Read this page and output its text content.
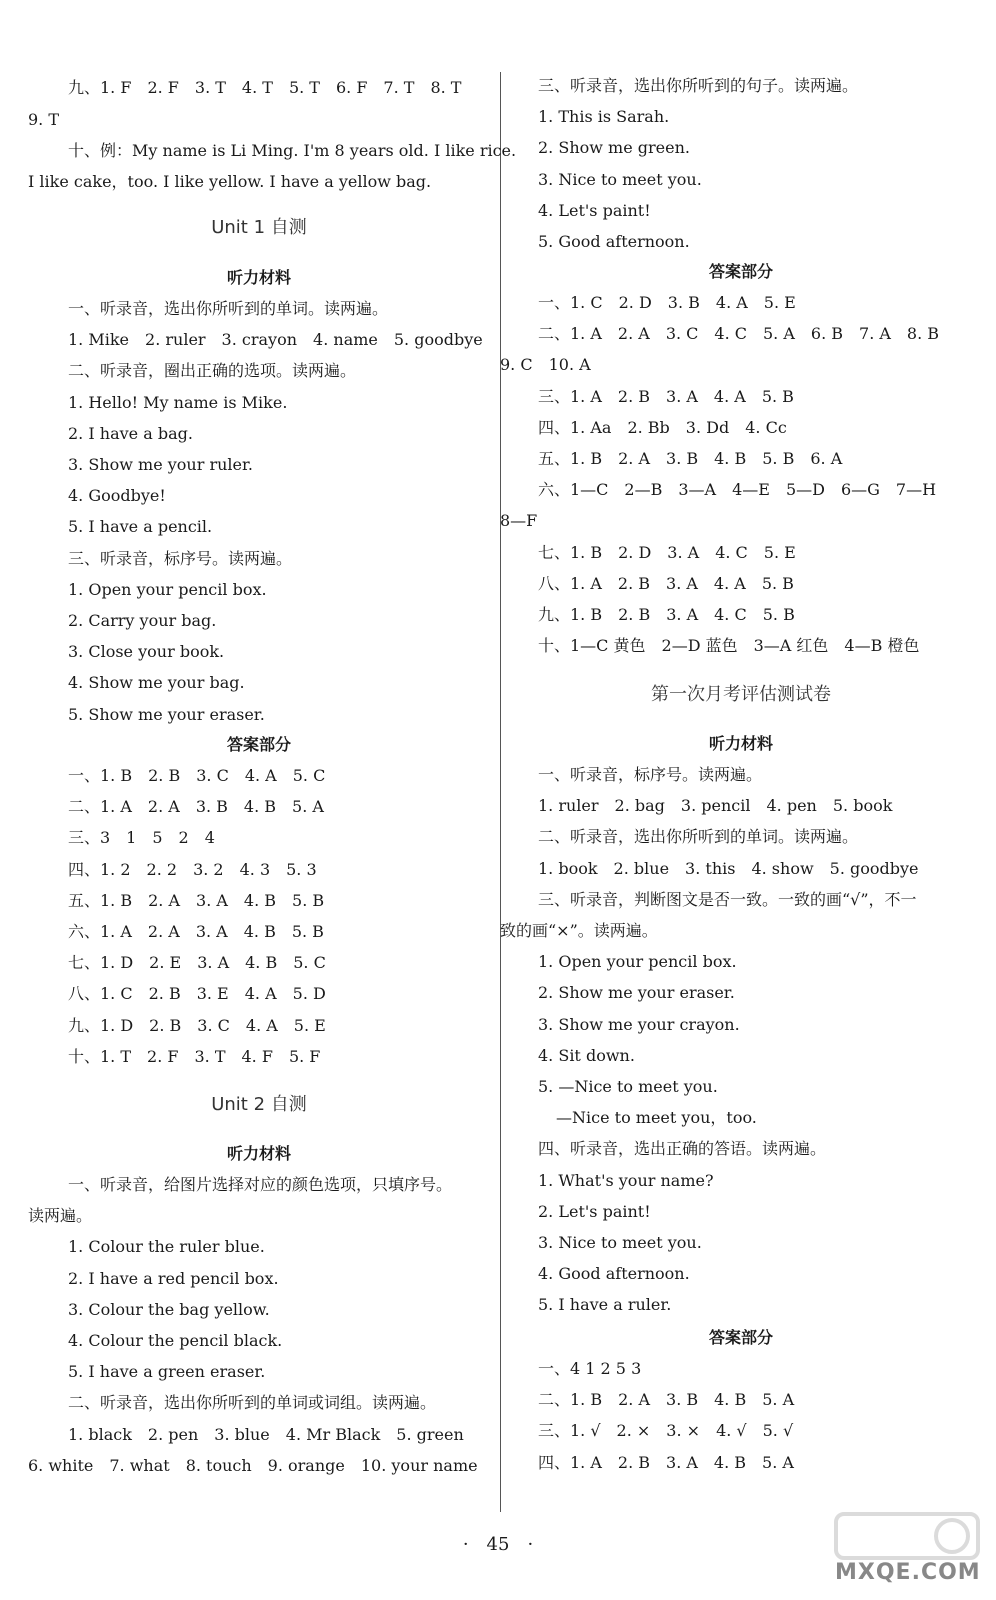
九、1. F　2. F　3. T　4. T　5. T　6. F　7. T　8. T
9. T
十、例：My name is Li Ming. I'm 8 years old. I like rice.
I like cake，too. I like yellow. I have a yellow bag.
Unit 1 自测
听力材料
一、听录音，选出你所听到的单词。读两遍。
1. Mike　2. ruler　3. crayon　4. name　5. goodbye
二、听录音，圈出正确的选项。读两遍。
1. Hello! My name is Mike.
2. I have a bag.
3. Show me your ruler.
4. Goodbye!
5. I have a pencil.
三、听录音，标序号。读两遍。
1. Open your pencil box.
2. Carry your bag.
3. Close your book.
4. Show me your bag.
5. Show me your eraser.
答案部分
一、1. B　2. B　3. C　4. A　5. C
二、1. A　2. A　3. B　4. B　5. A
三、3　1　5　2　4
四、1. 2　2. 2　3. 2　4. 3　5. 3
五、1. B　2. A　3. A　4. B　5. B
六、1. A　2. A　3. A　4. B　5. B
七、1. D　2. E　3. A　4. B　5. C
八、1. C　2. B　3. E　4. A　5. D
九、1. D　2. B　3. C　4. A　5. E
十、1. T　2. F　3. T　4. F　5. F
Unit 2 自测
听力材料
一、听录音，给图片选择对应的颜色选项，只填序号。
读两遍。
1. Colour the ruler blue.
2. I have a red pencil box.
3. Colour the bag yellow.
4. Colour the pencil black.
5. I have a green eraser.
二、听录音，选出你所听到的单词或词组。读两遍。
1. black　2. pen　3. blue　4. Mr Black　5. green
6. white　7. what　8. touch　9. orange　10. your name
三、听录音，选出你所听到的句子。读两遍。
1. This is Sarah.
2. Show me green.
3. Nice to meet you.
4. Let's paint!
5. Good afternoon.
答案部分
一、1. C　2. D　3. B　4. A　5. E
二、1. A　2. A　3. C　4. C　5. A　6. B　7. A　8. B
9. C　10. A
三、1. A　2. B　3. A　4. A　5. B
四、1. Aa　2. Bb　3. Dd　4. Cc
五、1. B　2. A　3. B　4. B　5. B　6. A
六、1—C　2—B　3—A　4—E　5—D　6—G　7—H
8—F
七、1. B　2. D　3. A　4. C　5. E
八、1. A　2. B　3. A　4. A　5. B
九、1. B　2. B　3. A　4. C　5. B
十、1—C 黄色　2—D 蓝色　3—A 红色　4—B 橙色
第一次月考评估测试卷
听力材料
一、听录音，标序号。读两遍。
1. ruler　2. bag　3. pencil　4. pen　5. book
二、听录音，选出你所听到的单词。读两遍。
1. book　2. blue　3. this　4. show　5. goodbye
三、听录音，判断图文是否一致。一致的画“√”，不一
致的画“×”。读两遍。
1. Open your pencil box.
2. Show me your eraser.
3. Show me your crayon.
4. Sit down.
5. —Nice to meet you.
—Nice to meet you，too.
四、听录音，选出正确的答语。读两遍。
1. What's your name?
2. Let's paint!
3. Nice to meet you.
4. Good afternoon.
5. I have a ruler.
答案部分
一、4 1 2 5 3
二、1. B　2. A　3. B　4. B　5. A
三、1. √　2. ×　3. ×　4. √　5. √
四、1. A　2. B　3. A　4. B　5. A
·　45　·
MXQE.COM
